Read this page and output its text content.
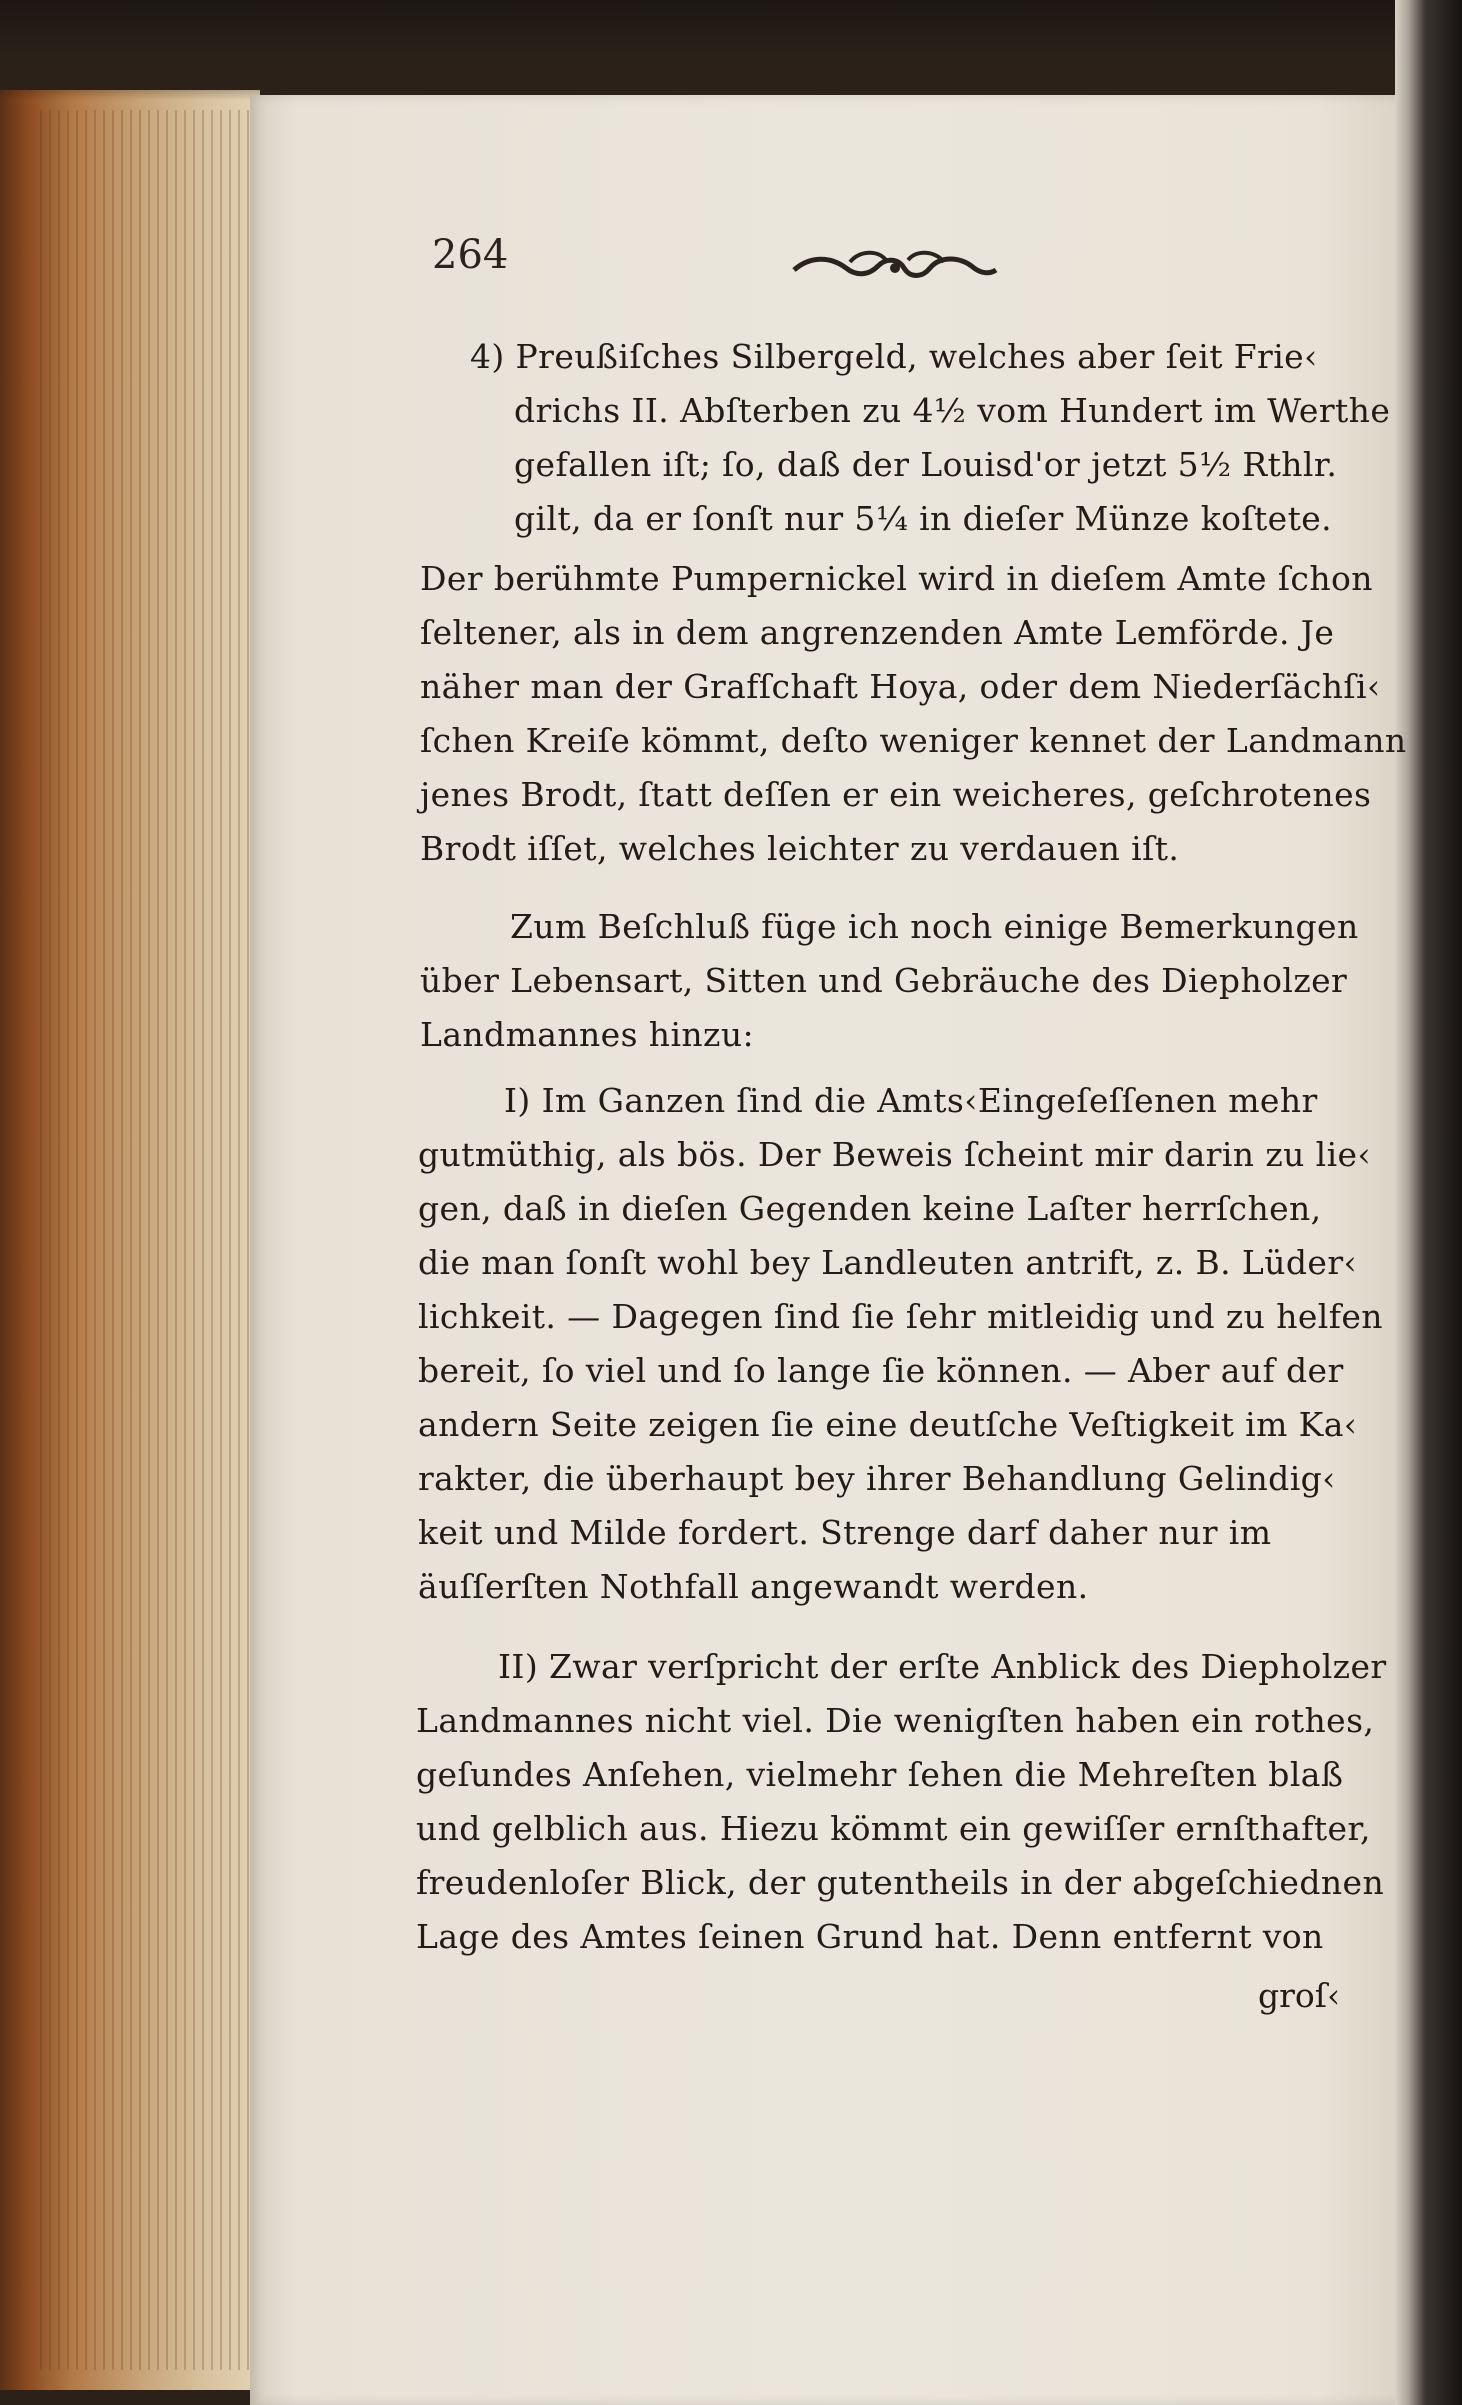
264
4) Preußiſches Silbergeld, welches aber ſeit Frie‹
drichs II. Abſterben zu 4½ vom Hundert im Werthe
gefallen iſt; ſo, daß der Louisd'or jetzt 5½ Rthlr.
gilt, da er ſonſt nur 5¼ in dieſer Münze koſtete.
Der berühmte Pumpernickel wird in dieſem Amte ſchon
ſeltener, als in dem angrenzenden Amte Lemförde. Je
näher man der Grafſchaft Hoya, oder dem Niederſächſi‹
ſchen Kreiſe kömmt, deſto weniger kennet der Landmann
jenes Brodt, ſtatt deſſen er ein weicheres, geſchrotenes
Brodt iſſet, welches leichter zu verdauen iſt.
Zum Beſchluß füge ich noch einige Bemerkungen
über Lebensart, Sitten und Gebräuche des Diepholzer
Landmannes hinzu:
I) Im Ganzen ſind die Amts‹Eingeſeſſenen mehr
gutmüthig, als bös. Der Beweis ſcheint mir darin zu lie‹
gen, daß in dieſen Gegenden keine Laſter herrſchen,
die man ſonſt wohl bey Landleuten antrift, z. B. Lüder‹
lichkeit. — Dagegen ſind ſie ſehr mitleidig und zu helfen
bereit, ſo viel und ſo lange ſie können. — Aber auf der
andern Seite zeigen ſie eine deutſche Veſtigkeit im Ka‹
rakter, die überhaupt bey ihrer Behandlung Gelindig‹
keit und Milde fordert. Strenge darf daher nur im
äuſſerſten Nothfall angewandt werden.
II) Zwar verſpricht der erſte Anblick des Diepholzer
Landmannes nicht viel. Die wenigſten haben ein rothes,
geſundes Anſehen, vielmehr ſehen die Mehreſten blaß
und gelblich aus. Hiezu kömmt ein gewiſſer ernſthafter,
freudenloſer Blick, der gutentheils in der abgeſchiednen
Lage des Amtes ſeinen Grund hat. Denn entfernt von
groſ‹
